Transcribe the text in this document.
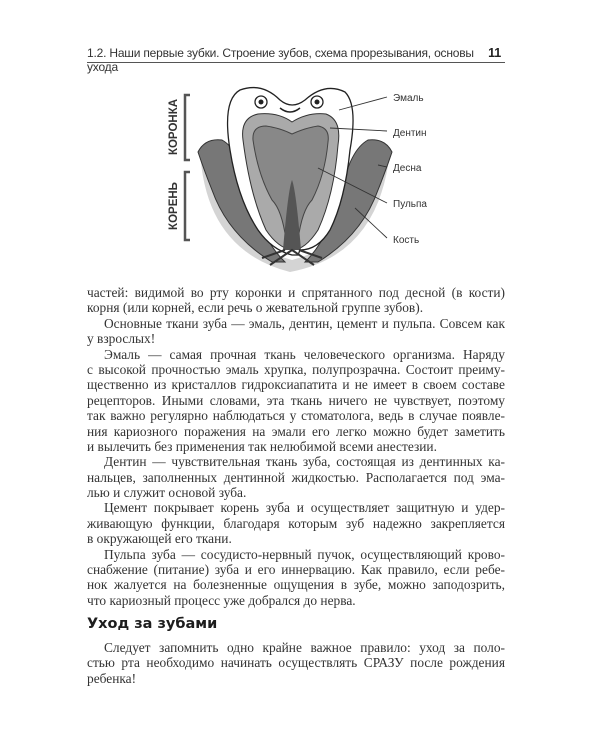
1.2. Наши первые зубки. Строение зубов, схема прорезывания, основы ухода
11
КОРОНКА
КОРЕНЬ
Эмаль
Дентин
Десна
Пульпа
Кость
частей: видимой во рту коронки и спрятанного под десной (в кости)
корня (или корней, если речь о жевательной группе зубов).
Основные ткани зуба — эмаль, дентин, цемент и пульпа. Совсем как
у взрослых!
Эмаль — самая прочная ткань человеческого организма. Наряду
с высокой прочностью эмаль хрупка, полупрозрачна. Состоит преиму-
щественно из кристаллов гидроксиапатита и не имеет в своем составе
рецепторов. Иными словами, эта ткань ничего не чувствует, поэтому
так важно регулярно наблюдаться у стоматолога, ведь в случае появле-
ния кариозного поражения на эмали его легко можно будет заметить
и вылечить без применения так нелюбимой всеми анестезии.
Дентин — чувствительная ткань зуба, состоящая из дентинных ка-
нальцев, заполненных дентинной жидкостью. Располагается под эма-
лью и служит основой зуба.
Цемент покрывает корень зуба и осуществляет защитную и удер-
живающую функции, благодаря которым зуб надежно закрепляется
в окружающей его ткани.
Пульпа зуба — сосудисто-нервный пучок, осуществляющий крово-
снабжение (питание) зуба и его иннервацию. Как правило, если ребе-
нок жалуется на болезненные ощущения в зубе, можно заподозрить,
что кариозный процесс уже добрался до нерва.
Уход за зубами
Следует запомнить одно крайне важное правило: уход за поло-
стью рта необходимо начинать осуществлять СРАЗУ после рождения
ребенка!
